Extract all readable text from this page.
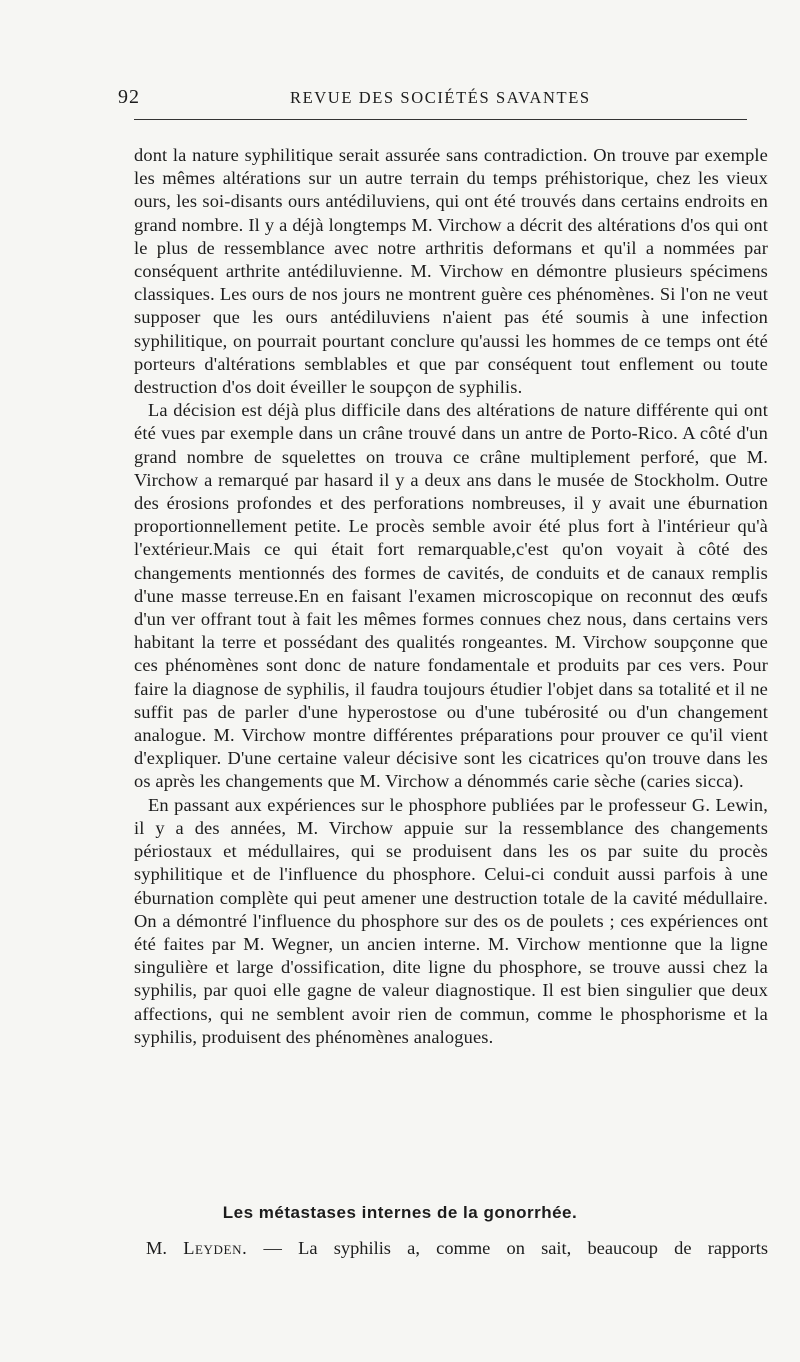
92	REVUE DES SOCIÉTÉS SAVANTES

dont la nature syphilitique serait assurée sans contradiction. On trouve par exemple les mêmes altérations sur un autre terrain du temps préhistorique, chez les vieux ours, les soi-disants ours antédiluviens, qui ont été trouvés dans certains endroits en grand nombre. Il y a déjà longtemps M. Virchow a décrit des altérations d'os qui ont le plus de ressemblance avec notre arthritis deformans et qu'il a nommées par conséquent arthrite antédiluvienne. M. Virchow en démontre plusieurs spécimens classiques. Les ours de nos jours ne montrent guère ces phénomènes. Si l'on ne veut supposer que les ours antédiluviens n'aient pas été soumis à une infection syphilitique, on pourrait pourtant conclure qu'aussi les hommes de ce temps ont été porteurs d'altérations semblables et que par conséquent tout enflement ou toute destruction d'os doit éveiller le soupçon de syphilis.

La décision est déjà plus difficile dans des altérations de nature différente qui ont été vues par exemple dans un crâne trouvé dans un antre de Porto-Rico. A côté d'un grand nombre de squelettes on trouva ce crâne multiplement perforé, que M. Virchow a remarqué par hasard il y a deux ans dans le musée de Stockholm. Outre des érosions profondes et des perforations nombreuses, il y avait une éburnation proportionnellement petite. Le procès semble avoir été plus fort à l'intérieur qu'à l'extérieur.Mais ce qui était fort remarquable,c'est qu'on voyait à côté des changements mentionnés des formes de cavités, de conduits et de canaux remplis d'une masse terreuse.En en faisant l'examen microscopique on reconnut des œufs d'un ver offrant tout à fait les mêmes formes connues chez nous, dans certains vers habitant la terre et possédant des qualités rongeantes. M. Virchow soupçonne que ces phénomènes sont donc de nature fondamentale et produits par ces vers. Pour faire la diagnose de syphilis, il faudra toujours étudier l'objet dans sa totalité et il ne suffit pas de parler d'une hyperostose ou d'une tubérosité ou d'un changement analogue. M. Virchow montre différentes préparations pour prouver ce qu'il vient d'expliquer. D'une certaine valeur décisive sont les cicatrices qu'on trouve dans les os après les changements que M. Virchow a dénommés carie sèche (caries sicca).

En passant aux expériences sur le phosphore publiées par le professeur G. Lewin, il y a des années, M. Virchow appuie sur la ressemblance des changements périostaux et médullaires, qui se produisent dans les os par suite du procès syphilitique et de l'influence du phosphore. Celui-ci conduit aussi parfois à une éburnation complète qui peut amener une destruction totale de la cavité médullaire. On a démontré l'influence du phosphore sur des os de poulets ; ces expériences ont été faites par M. Wegner, un ancien interne. M. Virchow mentionne que la ligne singulière et large d'ossification, dite ligne du phosphore, se trouve aussi chez la syphilis, par quoi elle gagne de valeur diagnostique. Il est bien singulier que deux affections, qui ne semblent avoir rien de commun, comme le phosphorisme et la syphilis, produisent des phénomènes analogues.

Les métastases internes de la gonorrhée.
M. Leyden. — La syphilis a, comme on sait, beaucoup de rapports
